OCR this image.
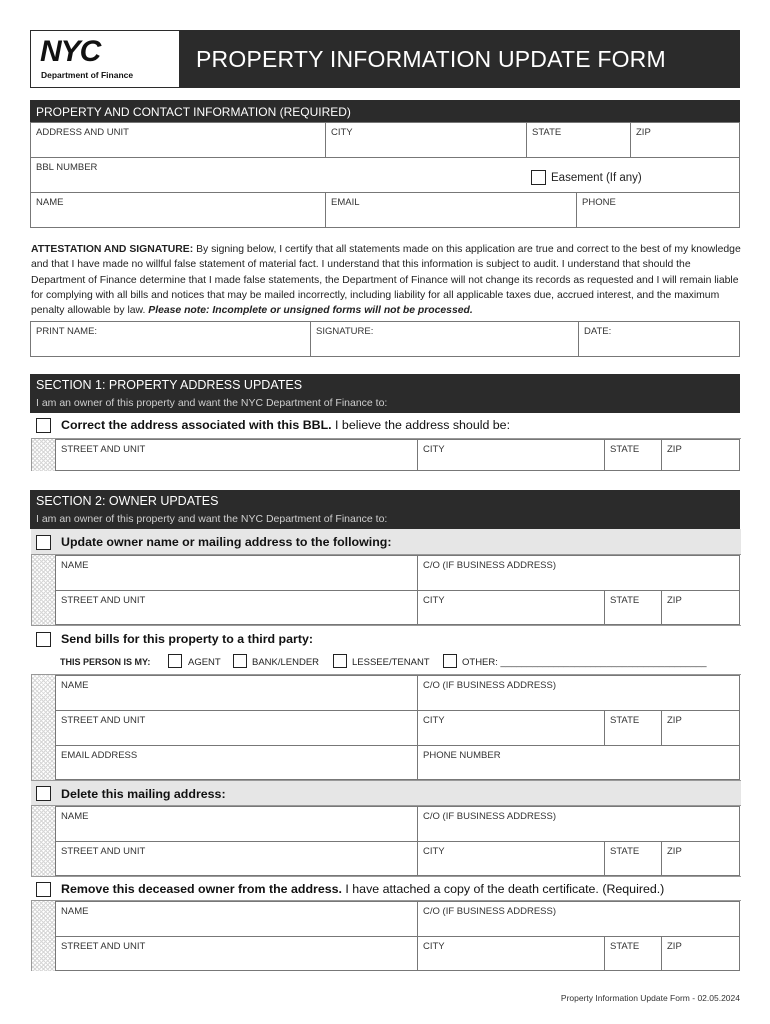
NYC
Department of Finance
PROPERTY INFORMATION UPDATE FORM
PROPERTY AND CONTACT INFORMATION (REQUIRED)
ADDRESS AND UNIT	CITY	STATE	ZIP
BBL NUMBER
Easement (If any)
NAME	EMAIL	PHONE
ATTESTATION AND SIGNATURE: By signing below, I certify that all statements made on this application are true and correct to the best of my knowledge and that I have made no willful false statement of material fact. I understand that this information is subject to audit. I understand that should the Department of Finance determine that I made false statements, the Department of Finance will not change its records as requested and I will remain liable for complying with all bills and notices that may be mailed incorrectly, including liability for all applicable taxes due, accrued interest, and the maximum penalty allowable by law. Please note: Incomplete or unsigned forms will not be processed.
PRINT NAME:	SIGNATURE:	DATE:
SECTION 1: PROPERTY ADDRESS UPDATES
I am an owner of this property and want the NYC Department of Finance to:
Correct the address associated with this BBL. I believe the address should be:
STREET AND UNIT	CITY	STATE	ZIP
SECTION 2: OWNER UPDATES
I am an owner of this property and want the NYC Department of Finance to:
Update owner name or mailing address to the following:
NAME	C/O (IF BUSINESS ADDRESS)
STREET AND UNIT	CITY	STATE	ZIP
Send bills for this property to a third party:
THIS PERSON IS MY:	AGENT	BANK/LENDER	LESSEE/TENANT	OTHER: _______________________________________
NAME	C/O (IF BUSINESS ADDRESS)
STREET AND UNIT	CITY	STATE	ZIP
EMAIL ADDRESS	PHONE NUMBER
Delete this mailing address:
NAME	C/O (IF BUSINESS ADDRESS)
STREET AND UNIT	CITY	STATE	ZIP
Remove this deceased owner from the address. I have attached a copy of the death certificate. (Required.)
NAME	C/O (IF BUSINESS ADDRESS)
STREET AND UNIT	CITY	STATE	ZIP
Property Information Update Form - 02.05.2024
